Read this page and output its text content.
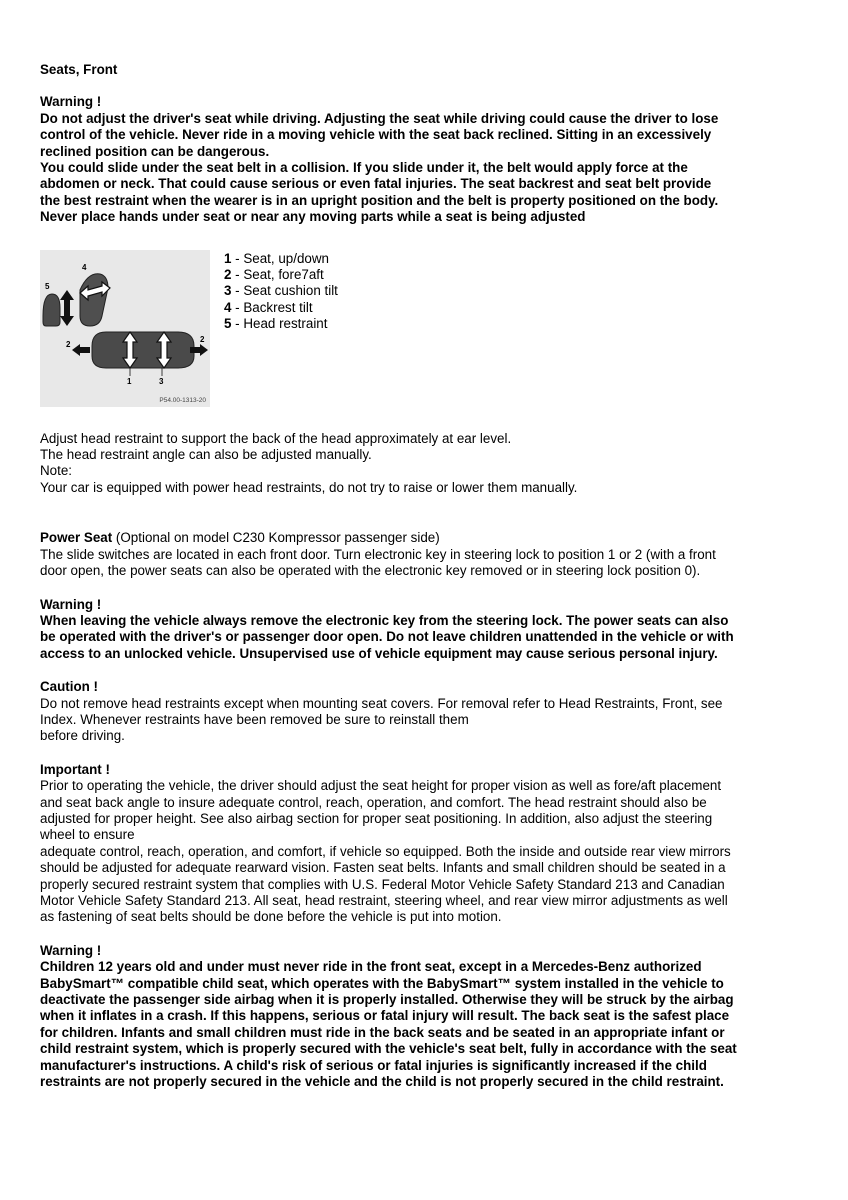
Seats, Front

Warning !

Do not adjust the driver's seat while driving. Adjusting the seat while driving could cause the driver to lose

control of the vehicle. Never ride in a moving vehicle with the seat back reclined. Sitting in an excessively

reclined position can be dangerous.

You could slide under the seat belt in a collision. If you slide under it, the belt would apply force at the

abdomen or neck. That could cause serious or even fatal injuries. The seat backrest and seat belt provide

the best restraint when the wearer is in an upright position and the belt is property positioned on the body.

Never place hands under seat or near any moving parts while a seat is being adjusted

4
5
2
2
1	3
P54.00-1313-20

1 - Seat, up/down

2 - Seat, fore7aft

3 - Seat cushion tilt

4 - Backrest tilt

5 - Head restraint

Adjust head restraint to support the back of the head approximately at ear level.

The head restraint angle can also be adjusted manually.

Note:

Your car is equipped with power head restraints, do not try to raise or lower them manually.

Power Seat (Optional on model C230 Kompressor passenger side)

The slide switches are located in each front door. Turn electronic key in steering lock to position 1 or 2 (with a front

door open, the power seats can also be operated with the electronic key removed or in steering lock position 0).

Warning !

When leaving the vehicle always remove the electronic key from the steering lock. The power seats can also

be operated with the driver's or passenger door open. Do not leave children unattended in the vehicle or with

access to an unlocked vehicle. Unsupervised use of vehicle equipment may cause serious personal injury.

Caution !

Do not remove head restraints except when mounting seat covers. For removal refer to Head Restraints, Front, see

Index. Whenever restraints have been removed be sure to reinstall them

before driving.

Important !

Prior to operating the vehicle, the driver should adjust the seat height for proper vision as well as fore/aft placement

and seat back angle to insure adequate control, reach, operation, and comfort. The head restraint should also be

adjusted for proper height. See also airbag section for proper seat positioning. In addition, also adjust the steering

wheel to ensure

adequate control, reach, operation, and comfort, if vehicle so equipped. Both the inside and outside rear view mirrors

should be adjusted for adequate rearward vision. Fasten seat belts. Infants and small children should be seated in a

properly secured restraint system that complies with U.S. Federal Motor Vehicle Safety Standard 213 and Canadian

Motor Vehicle Safety Standard 213. All seat, head restraint, steering wheel, and rear view mirror adjustments as well

as fastening of seat belts should be done before the vehicle is put into motion.

Warning !

Children 12 years old and under must never ride in the front seat, except in a Mercedes-Benz authorized

BabySmart™ compatible child seat, which operates with the BabySmart™ system installed in the vehicle to

deactivate the passenger side airbag when it is properly installed. Otherwise they will be struck by the airbag

when it inflates in a crash. If this happens, serious or fatal injury will result. The back seat is the safest place

for children. Infants and small children must ride in the back seats and be seated in an appropriate infant or

child restraint system, which is properly secured with the vehicle's seat belt, fully in accordance with the seat

manufacturer's instructions. A child's risk of serious or fatal injuries is significantly increased if the child

restraints are not properly secured in the vehicle and the child is not properly secured in the child restraint.
